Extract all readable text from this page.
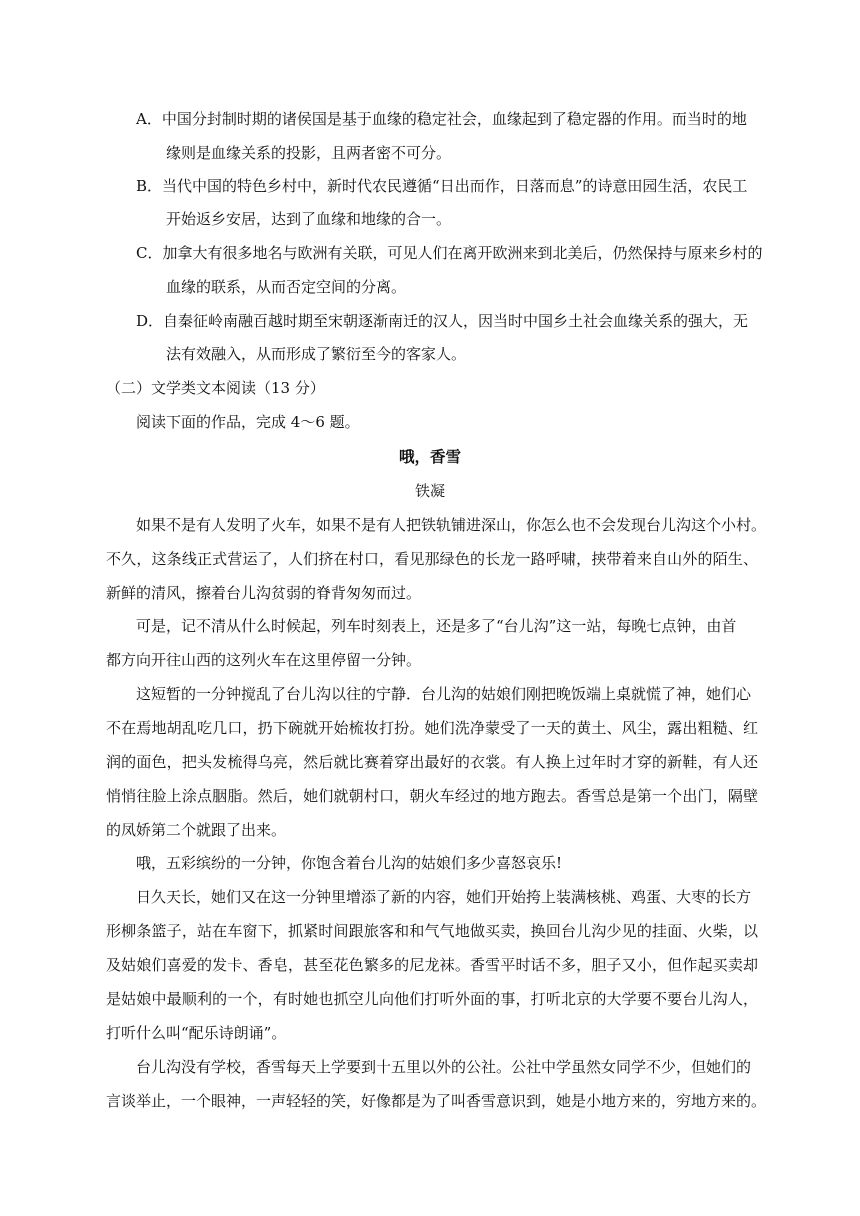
A．中国分封制时期的诸侯国是基于血缘的稳定社会，血缘起到了稳定器的作用。而当时的地
缘则是血缘关系的投影，且两者密不可分。
B．当代中国的特色乡村中，新时代农民遵循“日出而作，日落而息”的诗意田园生活，农民工
开始返乡安居，达到了血缘和地缘的合一。
C．加拿大有很多地名与欧洲有关联，可见人们在离开欧洲来到北美后，仍然保持与原来乡村的
血缘的联系，从而否定空间的分离。
D．自秦征岭南融百越时期至宋朝逐渐南迁的汉人，因当时中国乡土社会血缘关系的强大，无
法有效融入，从而形成了繁衍至今的客家人。
（二）文学类文本阅读（13 分）
阅读下面的作品，完成 4～6 题。
哦，香雪
铁凝
如果不是有人发明了火车，如果不是有人把铁轨铺进深山，你怎么也不会发现台儿沟这个小村。
不久，这条线正式营运了，人们挤在村口，看见那绿色的长龙一路呼啸，挟带着来自山外的陌生、
新鲜的清风，擦着台儿沟贫弱的脊背匆匆而过。
可是，记不清从什么时候起，列车时刻表上，还是多了“台儿沟”这一站，每晚七点钟，由首
都方向开往山西的这列火车在这里停留一分钟。
这短暂的一分钟搅乱了台儿沟以往的宁静．台儿沟的姑娘们刚把晚饭端上桌就慌了神，她们心
不在焉地胡乱吃几口，扔下碗就开始梳妆打扮。她们洗净蒙受了一天的黄土、风尘，露出粗糙、红
润的面色，把头发梳得乌亮，然后就比赛着穿出最好的衣裳。有人换上过年时才穿的新鞋，有人还
悄悄往脸上涂点胭脂。然后，她们就朝村口，朝火车经过的地方跑去。香雪总是第一个出门，隔壁
的凤娇第二个就跟了出来。
哦，五彩缤纷的一分钟，你饱含着台儿沟的姑娘们多少喜怒哀乐!
日久天长，她们又在这一分钟里增添了新的内容，她们开始挎上装满核桃、鸡蛋、大枣的长方
形柳条篮子，站在车窗下，抓紧时间跟旅客和和气气地做买卖，换回台儿沟少见的挂面、火柴，以
及姑娘们喜爱的发卡、香皂，甚至花色繁多的尼龙袜。香雪平时话不多，胆子又小，但作起买卖却
是姑娘中最顺利的一个，有时她也抓空儿向他们打听外面的事，打听北京的大学要不要台儿沟人，
打听什么叫“配乐诗朗诵”。
台儿沟没有学校，香雪每天上学要到十五里以外的公社。公社中学虽然女同学不少，但她们的
言谈举止，一个眼神，一声轻轻的笑，好像都是为了叫香雪意识到，她是小地方来的，穷地方来的。
